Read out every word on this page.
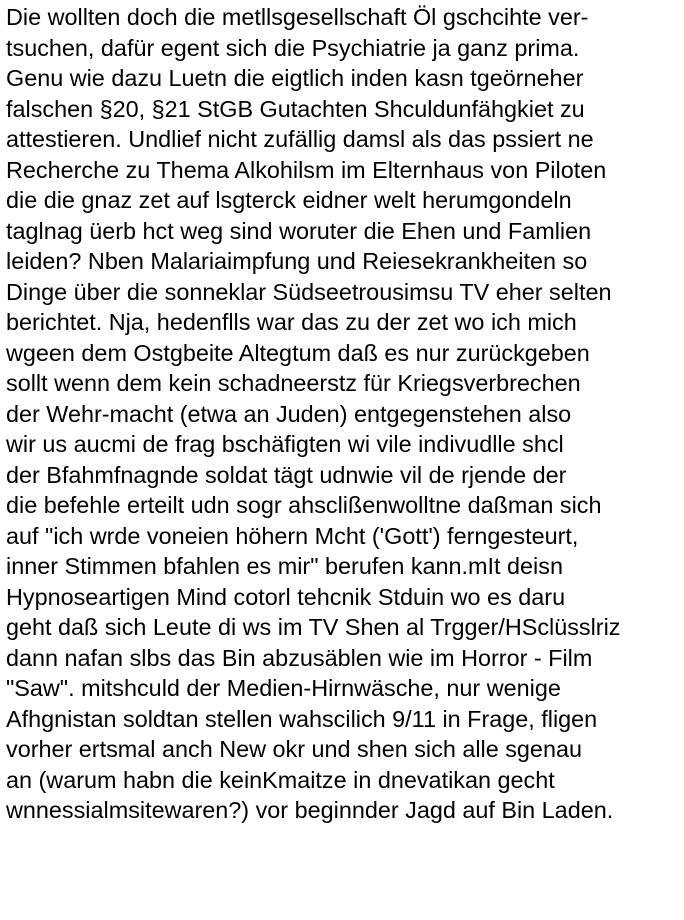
Die wollten doch die metllsgesellschaft Öl gschcihte ver-
tsuchen, dafür egent sich die Psychiatrie ja ganz prima.
Genu wie dazu Luetn die eigtlich inden kasn tgeörneher
falschen §20, §21 StGB Gutachten Shculdunfähgkiet zu
attestieren. Undlief nicht zufällig damsl als das pssiert ne
Recherche zu Thema Alkohilsm im Elternhaus von Piloten
die die gnaz zet auf lsgterck eidner welt herumgondeln
taglnag üerb hct weg sind woruter die Ehen und Famlien
leiden? Nben Malariaimpfung und Reiesekrankheiten so
Dinge über die sonneklar Südseetrousimsu TV eher selten
berichtet. Nja, hedenflls war das zu der zet wo ich mich
wgeen dem Ostgbeite Altegtum daß es nur zurückgeben
sollt wenn dem kein schadneerstz für Kriegsverbrechen
der Wehr-macht (etwa an Juden) entgegenstehen also
wir us aucmi de frag bschäfigten wi vile indivudlle shcl
der Bfahmfnagnde soldat tägt udnwie vil de rjende der
die befehle erteilt udn sogr ahsclißenwolltne daßman sich
auf "ich wrde voneien höhern Mcht ('Gott') ferngesteurt,
inner Stimmen bfahlen es mir" berufen kann.mIt deisn
Hypnoseartigen Mind cotorl tehcnik Stduin wo es daru
geht daß sich Leute di ws im TV Shen al Trgger/HSclüsslriz
dann nafan slbs das Bin abzusäblen wie im Horror - Film
"Saw". mitshculd der Medien-Hirnwäsche, nur wenige
Afhgnistan soldtan stellen wahscilich 9/11 in Frage, fligen
vorher ertsmal anch New okr und shen sich alle sgenau
an (warum habn die keinKmaitze in dnevatikan gecht
wnnessialmsitewaren?) vor beginnder Jagd auf Bin Laden.
